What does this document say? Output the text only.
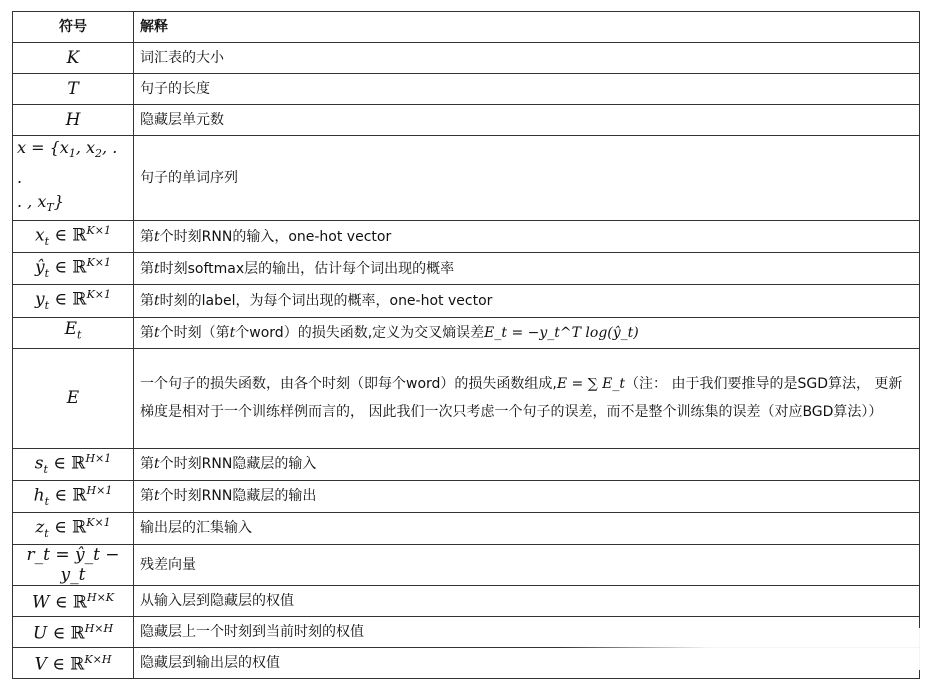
符号	解释
K	词汇表的大小
T	句子的长度
H	隐藏层单元数
$x = \{x_1$, $x_2$, . .
. , $x_T$}	句子的单词序列
$x_t$ ∈ ℝ$^{K\times 1}$	第t个时刻RNN的输入，one-hot vector
$ŷ_t$ ∈ ℝ$^{K\times 1}$	第t时刻softmax层的输出，估计每个词出现的概率
$y_t$ ∈ ℝ$^{K\times 1}$	第t时刻的label，为每个词出现的概率，one-hot vector
$E_t$	第t个时刻（第t个word）的损失函数,定义为交叉熵误差E_t = −y_t^T log(ŷ_t)
E	一个句子的损失函数，由各个时刻（即每个word）的损失函数组成,E = ∑ E_t（注： 由于我们要推导的是SGD算法， 更新梯度是相对于一个训练样例而言的， 因此我们一次只考虑一个句子的误差，而不是整个训练集的误差（对应BGD算法））
$s_t$ ∈ ℝ$^{H\times 1}$	第t个时刻RNN隐藏层的输入
$h_t$ ∈ ℝ$^{H\times 1}$	第t个时刻RNN隐藏层的输出
$z_t$ ∈ ℝ$^{K\times 1}$	输出层的汇集输入
r_t = ŷ_t − y_t	残差向量
W ∈ ℝ$^{H\times K}$	从输入层到隐藏层的权值
U ∈ ℝ$^{H\times H}$	隐藏层上一个时刻到当前时刻的权值
V ∈ ℝ$^{K\times H}$	隐藏层到输出层的权值
